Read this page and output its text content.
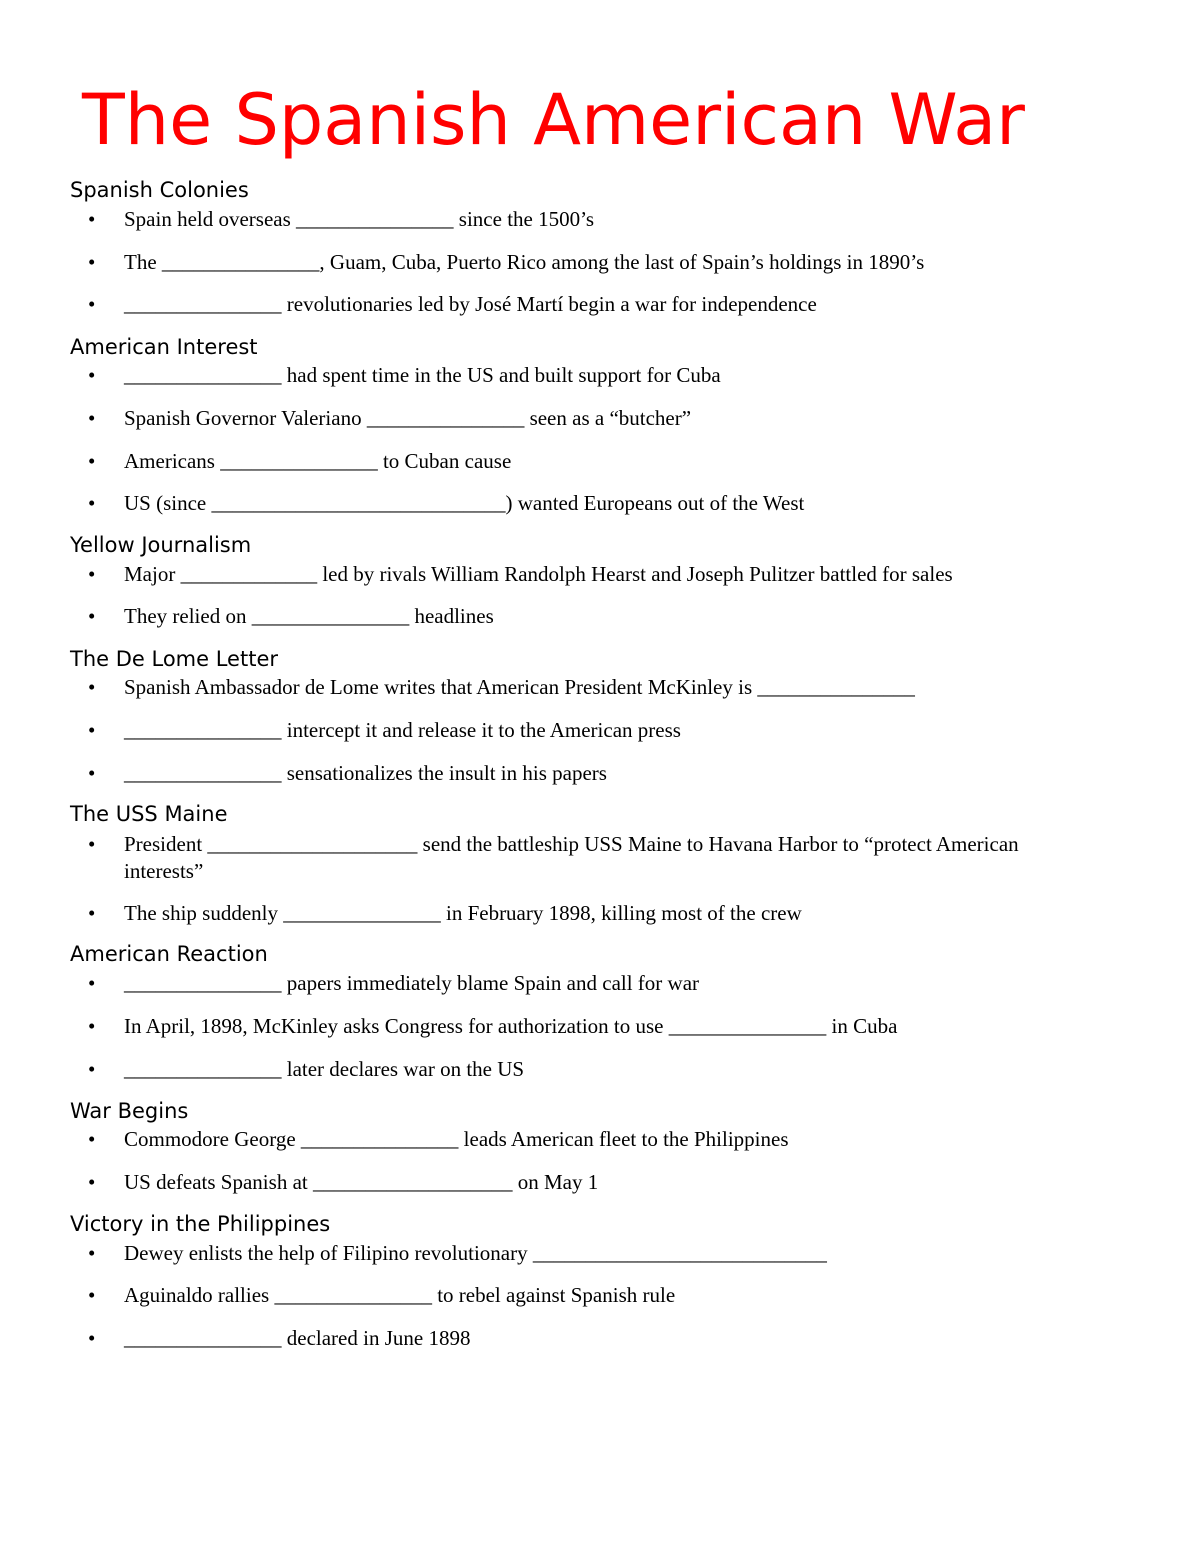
The Spanish American War
Spanish Colonies
•	Spain held overseas _______________ since the 1500’s
•	The _______________, Guam, Cuba, Puerto Rico among the last of Spain’s holdings in 1890’s
•	_______________ revolutionaries led by José Martí begin a war for independence
American Interest
•	_______________ had spent time in the US and built support for Cuba
•	Spanish Governor Valeriano _______________ seen as a “butcher”
•	Americans _______________ to Cuban cause
•	US (since ____________________________) wanted Europeans out of the West
Yellow Journalism
•	Major _____________ led by rivals William Randolph Hearst and Joseph Pulitzer battled for sales
•	They relied on _______________ headlines
The De Lome Letter
•	Spanish Ambassador de Lome writes that American President McKinley is _______________
•	_______________ intercept it and release it to the American press
•	_______________ sensationalizes the insult in his papers
The USS Maine
•	President ____________________ send the battleship USS Maine to Havana Harbor to “protect American interests”
•	The ship suddenly _______________ in February 1898, killing most of the crew
American Reaction
•	_______________ papers immediately blame Spain and call for war
•	In April, 1898, McKinley asks Congress for authorization to use _______________ in Cuba
•	_______________ later declares war on the US
War Begins
•	Commodore George _______________ leads American fleet to the Philippines
•	US defeats Spanish at ___________________ on May 1
Victory in the Philippines
•	Dewey enlists the help of Filipino revolutionary ____________________________
•	Aguinaldo rallies _______________ to rebel against Spanish rule
•	_______________ declared in June 1898
